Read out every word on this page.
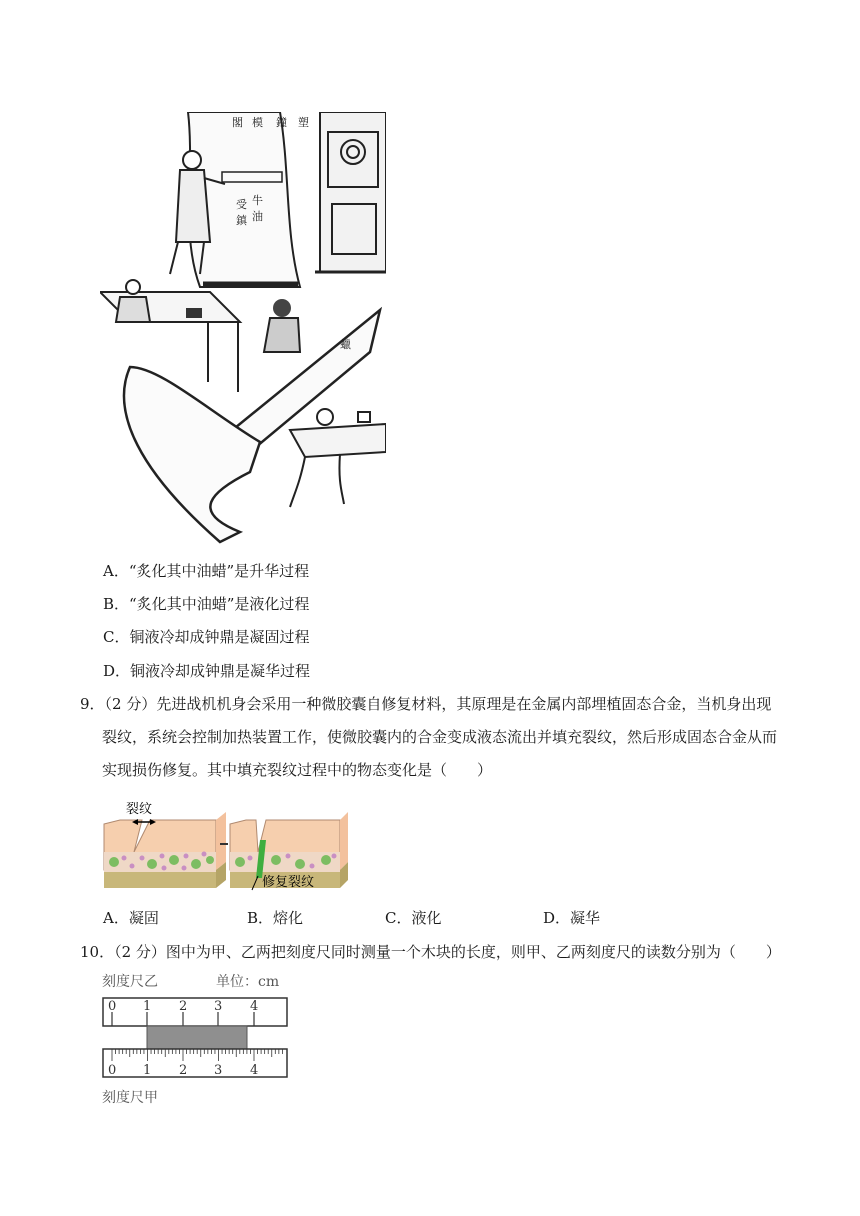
閣 模 鐘 塑
牛
油
受
鎮
蠟
A．“炙化其中油蜡”是升华过程
B．“炙化其中油蜡”是液化过程
C．铜液冷却成钟鼎是凝固过程
D．铜液冷却成钟鼎是凝华过程
9．（2 分）先进战机机身会采用一种微胶囊自修复材料，其原理是在金属内部埋植固态合金，当机身出现
裂纹，系统会控制加热装置工作，使微胶囊内的合金变成液态流出并填充裂纹，然后形成固态合金从而
实现损伤修复。其中填充裂纹过程中的物态变化是（　　）
裂纹
修复裂纹
A．凝固	B．熔化	C．液化	D．凝华
10．（2 分）图中为甲、乙两把刻度尺同时测量一个木块的长度，则甲、乙两刻度尺的读数分别为（　　）
刻度尺乙	单位：cm
刻度尺甲
0 1 2 3 4
0 1 2 3 4
